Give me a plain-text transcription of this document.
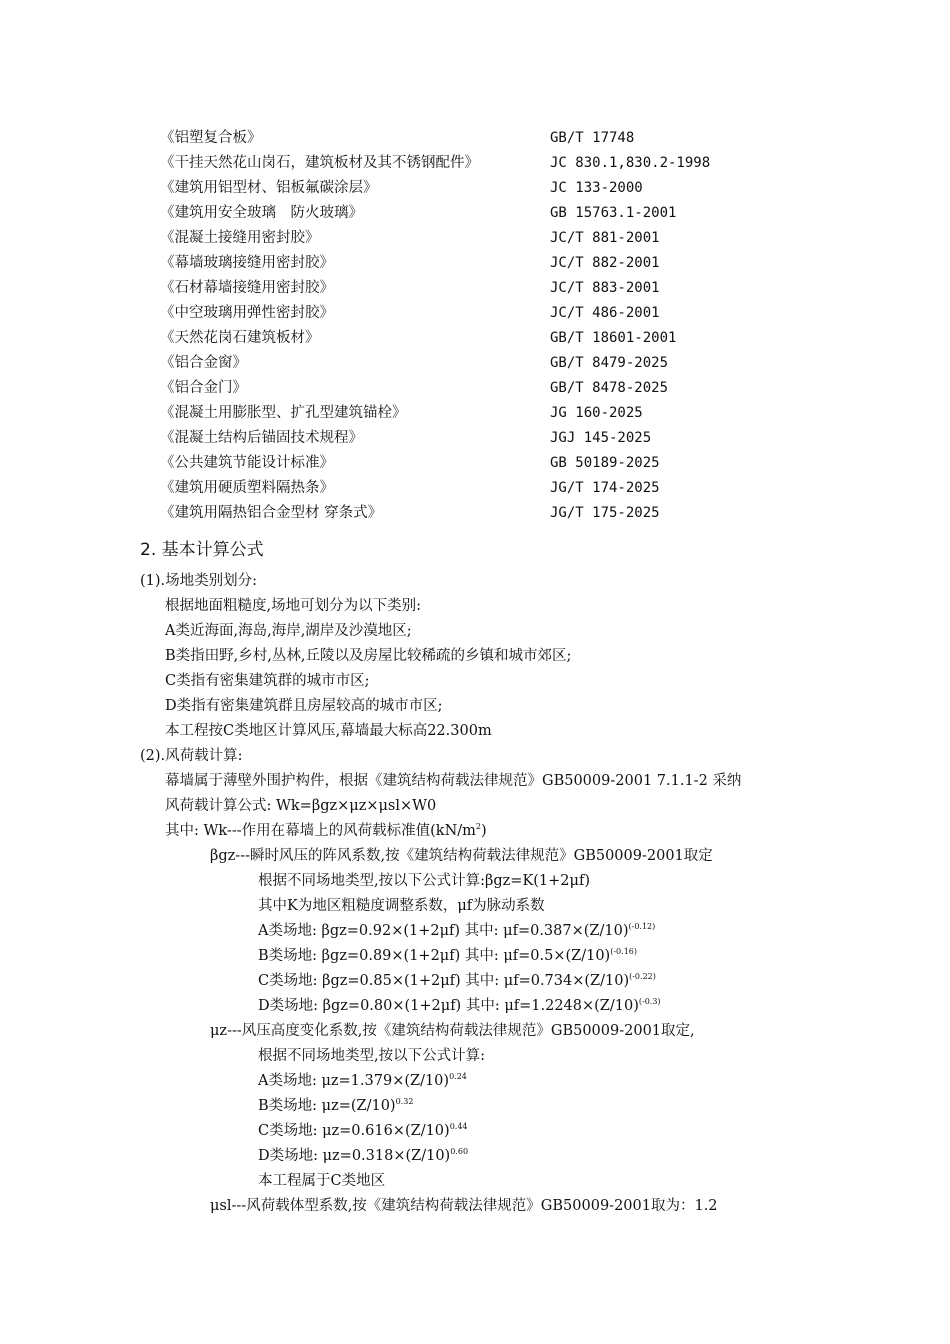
《铝塑复合板》	GB/T 17748
《干挂天然花山岗石，建筑板材及其不锈钢配件》	JC 830.1,830.2-1998
《建筑用铝型材、铝板氟碳涂层》	JC 133-2000
《建筑用安全玻璃　防火玻璃》	GB 15763.1-2001
《混凝土接缝用密封胶》	JC/T 881-2001
《幕墙玻璃接缝用密封胶》	JC/T 882-2001
《石材幕墙接缝用密封胶》	JC/T 883-2001
《中空玻璃用弹性密封胶》	JC/T 486-2001
《天然花岗石建筑板材》	GB/T 18601-2001
《铝合金窗》	GB/T 8479-2025
《铝合金门》	GB/T 8478-2025
《混凝土用膨胀型、扩孔型建筑锚栓》	JG 160-2025
《混凝土结构后锚固技术规程》	JGJ 145-2025
《公共建筑节能设计标准》	GB 50189-2025
《建筑用硬质塑料隔热条》	JG/T 174-2025
《建筑用隔热铝合金型材 穿条式》	JG/T 175-2025
2. 基本计算公式
(1).场地类别划分:
根据地面粗糙度,场地可划分为以下类别:
A类近海面,海岛,海岸,湖岸及沙漠地区;
B类指田野,乡村,丛林,丘陵以及房屋比较稀疏的乡镇和城市郊区;
C类指有密集建筑群的城市市区;
D类指有密集建筑群且房屋较高的城市市区;
本工程按C类地区计算风压,幕墙最大标高22.300m
(2).风荷载计算:
幕墙属于薄壁外围护构件，根据《建筑结构荷载法律规范》GB50009-2001 7.1.1-2 采纳
风荷载计算公式: Wk=βgz×μz×μsl×W0
其中: Wk---作用在幕墙上的风荷载标准值$(kN/m^2)$
βgz---瞬时风压的阵风系数,按《建筑结构荷载法律规范》GB50009-2001取定
根据不同场地类型,按以下公式计算:βgz=K(1+2μf)
其中K为地区粗糙度调整系数，μf为脉动系数
A类场地: βgz=0.92×(1+2μf) 其中: $\mu f=0.387\times(Z/10)^{(-0.12)}$
B类场地: βgz=0.89×(1+2μf) 其中: $\mu f=0.5\times(Z/10)^{(-0.16)}$
C类场地: βgz=0.85×(1+2μf) 其中: $\mu f=0.734\times(Z/10)^{(-0.22)}$
D类场地: βgz=0.80×(1+2μf) 其中: $\mu f=1.2248\times(Z/10)^{(-0.3)}$
μz---风压高度变化系数,按《建筑结构荷载法律规范》GB50009-2001取定,
根据不同场地类型,按以下公式计算:
A类场地: $\mu z=1.379\times(Z/10)^{0.24}$
B类场地: $\mu z=(Z/10)^{0.32}$
C类场地: $\mu z=0.616\times(Z/10)^{0.44}$
D类场地: $\mu z=0.318\times(Z/10)^{0.60}$
本工程属于C类地区
μsl---风荷载体型系数,按《建筑结构荷载法律规范》GB50009-2001取为：1.2
